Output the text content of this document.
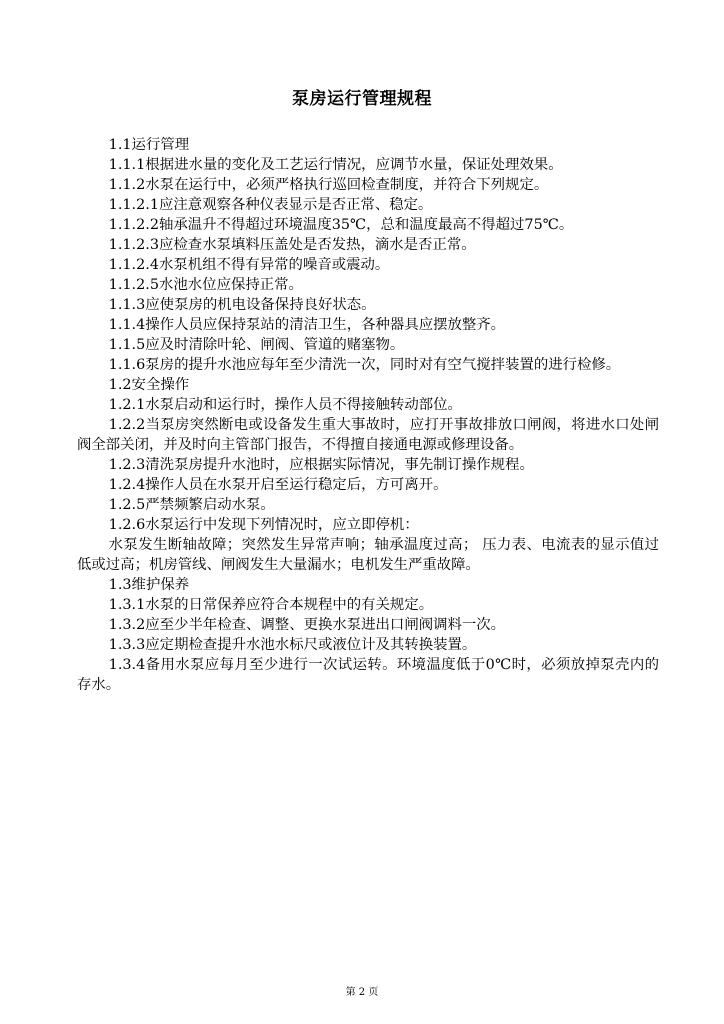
泵房运行管理规程

1.1运行管理

1.1.1根据进水量的变化及工艺运行情况，应调节水量，保证处理效果。

1.1.2水泵在运行中，必须严格执行巡回检查制度，并符合下列规定。

1.1.2.1应注意观察各种仪表显示是否正常、稳定。

1.1.2.2轴承温升不得超过环境温度35℃，总和温度最高不得超过75℃。

1.1.2.3应检查水泵填料压盖处是否发热，滴水是否正常。

1.1.2.4水泵机组不得有异常的噪音或震动。

1.1.2.5水池水位应保持正常。

1.1.3应使泵房的机电设备保持良好状态。

1.1.4操作人员应保持泵站的清洁卫生，各种器具应摆放整齐。

1.1.5应及时清除叶轮、闸阀、管道的赌塞物。

1.1.6泵房的提升水池应每年至少清洗一次，同时对有空气搅拌装置的进行检修。

1.2安全操作

1.2.1水泵启动和运行时，操作人员不得接触转动部位。

1.2.2当泵房突然断电或设备发生重大事故时，应打开事故排放口闸阀，将进水口处闸阀全部关闭，并及时向主管部门报告，不得擅自接通电源或修理设备。

1.2.3清洗泵房提升水池时，应根据实际情况，事先制订操作规程。

1.2.4操作人员在水泵开启至运行稳定后，方可离开。

1.2.5严禁频繁启动水泵。

1.2.6水泵运行中发现下列情况时，应立即停机：

水泵发生断轴故障；突然发生异常声响；轴承温度过高； 压力表、电流表的显示值过低或过高；机房管线、闸阀发生大量漏水；电机发生严重故障。

1.3维护保养

1.3.1水泵的日常保养应符合本规程中的有关规定。

1.3.2应至少半年检查、调整、更换水泵进出口闸阀调料一次。

1.3.3应定期检查提升水池水标尺或液位计及其转换装置。

1.3.4备用水泵应每月至少进行一次试运转。环境温度低于0℃时，必须放掉泵壳内的存水。

第 2 页
